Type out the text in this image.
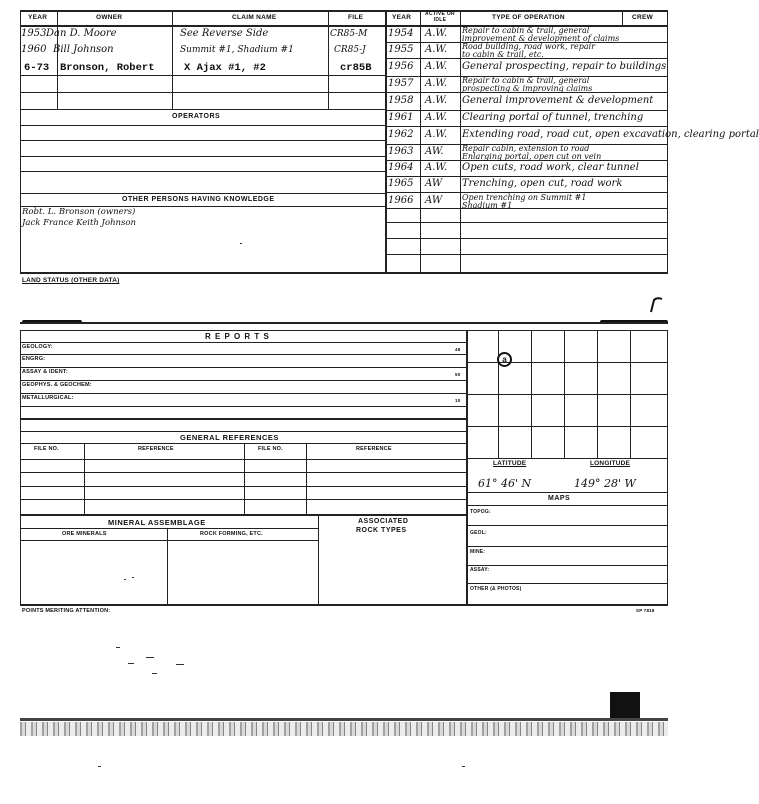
YEAR	OWNER	CLAIM NAME	FILE	YEAR	ACTIVE OR IDLE	TYPE OF OPERATION	CREW
1953 Dan D. Moore	See Reverse Side	CR85-M
1960 Bill Johnson	Summit #1, Shadium #1	CR85-J
6-73 Bronson, Robert	X Ajax #1, #2	cr85B
1954 A.W. Repair to cabin & trail, general
improvement & development of claims
1955 A.W. Road building, road work, repair
to cabin & trail, etc.
1956 A.W. General prospecting, repair to buildings
1957 A.W. Repair to cabin & trail, general
prospecting & improving claims
1958 A.W. General improvement & development
1961 A.W. Clearing portal of tunnel, trenching
1962 A.W. Extending road, road cut, open excavation, clearing portal
1963 AW. Repair cabin, extension to road
Enlarging portal, open cut on vein
1964 A.W. Open cuts, road work, clear tunnel
1965 AW Trenching, open cut, road work
1966 AW Open trenching on Summit #1
Shadium #1
OPERATORS
OTHER PERSONS HAVING KNOWLEDGE
Robt. L. Bronson (owners)
Jack France Keith Johnson
LAND STATUS (OTHER DATA)
R E P O R T S
GEOLOGY:	48
ENGRG:
ASSAY & IDENT:	50
GEOPHYS. & GEOCHEM:
METALLURGICAL:	10
GENERAL REFERENCES
FILE NO.	REFERENCE	FILE NO.	REFERENCE
MINERAL ASSEMBLAGE
ORE MINERALS	ROCK FORMING, ETC.
ASSOCIATED
ROCK TYPES
a
LATITUDE	LONGITUDE
61° 46' N	149° 28' W
MAPS
TOPOG:
GEOL:
MINE:
ASSAY:
OTHER (& PHOTOS)
POINTS MERITING ATTENTION:	SP 7818
